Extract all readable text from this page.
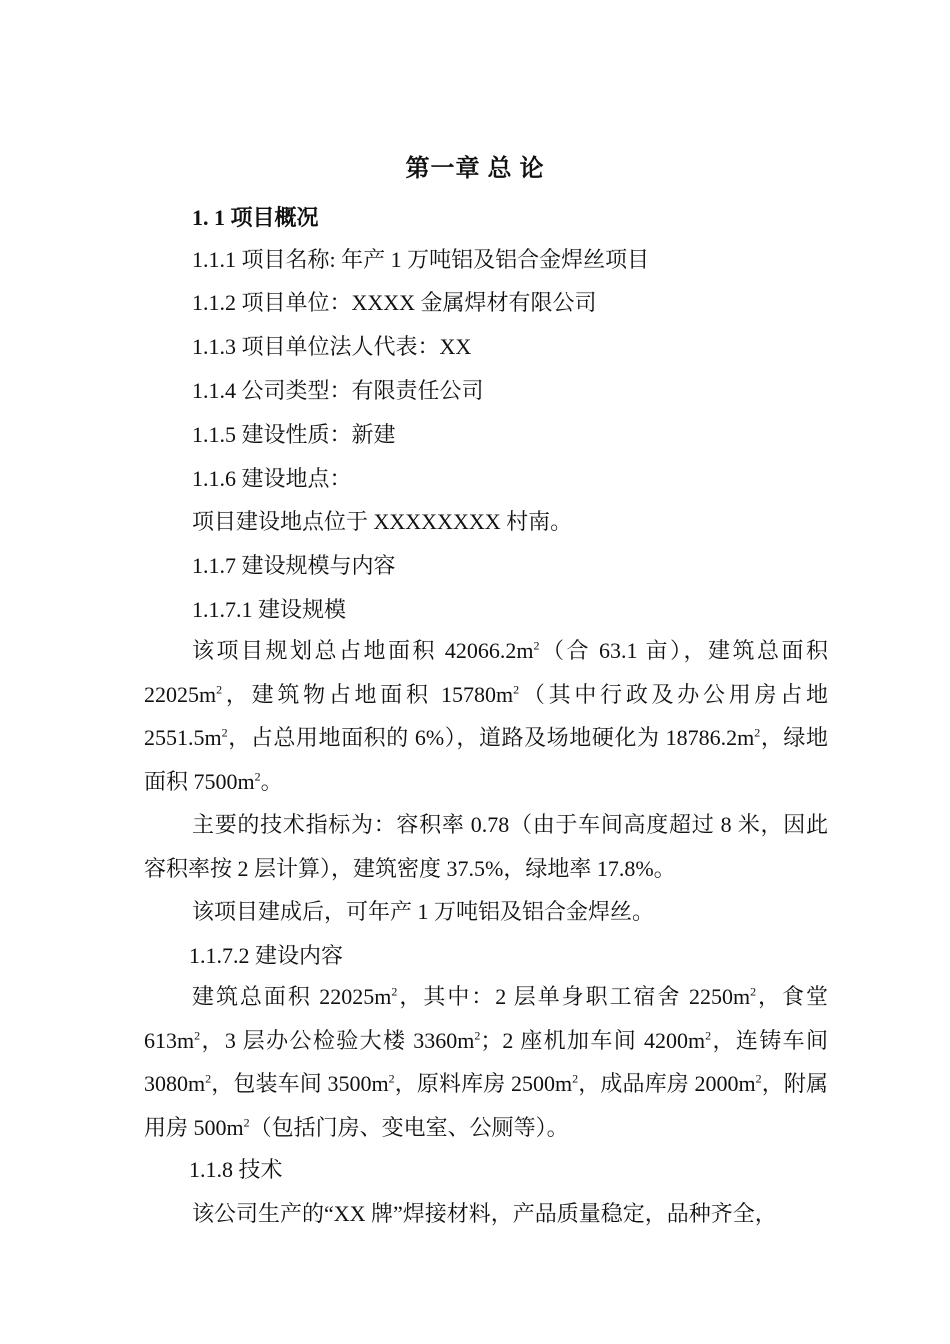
第一章 总 论
1. 1 项目概况
1.1.1 项目名称: 年产 1 万吨铝及铝合金焊丝项目
1.1.2 项目单位：XXXX 金属焊材有限公司
1.1.3 项目单位法人代表：XX
1.1.4 公司类型：有限责任公司
1.1.5 建设性质：新建
1.1.6 建设地点：
项目建设地点位于 XXXXXXXX 村南。
1.1.7 建设规模与内容
1.1.7.1 建设规模
该项目规划总占地面积 $42066.2m^2$（合 63.1 亩），建筑总面积 $22025m^2$，建筑物占地面积 $15780m^2$（其中行政及办公用房占地 $2551.5m^2$，占总用地面积的 6%），道路及场地硬化为 $18786.2m^2$，绿地面积 $7500m^2$。
主要的技术指标为：容积率 0.78（由于车间高度超过 8 米，因此容积率按 2 层计算），建筑密度 37.5%，绿地率 17.8%。
该项目建成后，可年产 1 万吨铝及铝合金焊丝。
1.1.7.2 建设内容
建筑总面积 $22025m^2$，其中：2 层单身职工宿舍 $2250m^2$，食堂 $613m^2$，3 层办公检验大楼 $3360m^2$；2 座机加车间 $4200m^2$，连铸车间 $3080m^2$，包装车间 $3500m^2$，原料库房 $2500m^2$，成品库房 $2000m^2$，附属用房 $500m^2$（包括门房、变电室、公厕等）。
1.1.8 技术
该公司生产的“XX 牌”焊接材料，产品质量稳定，品种齐全，
